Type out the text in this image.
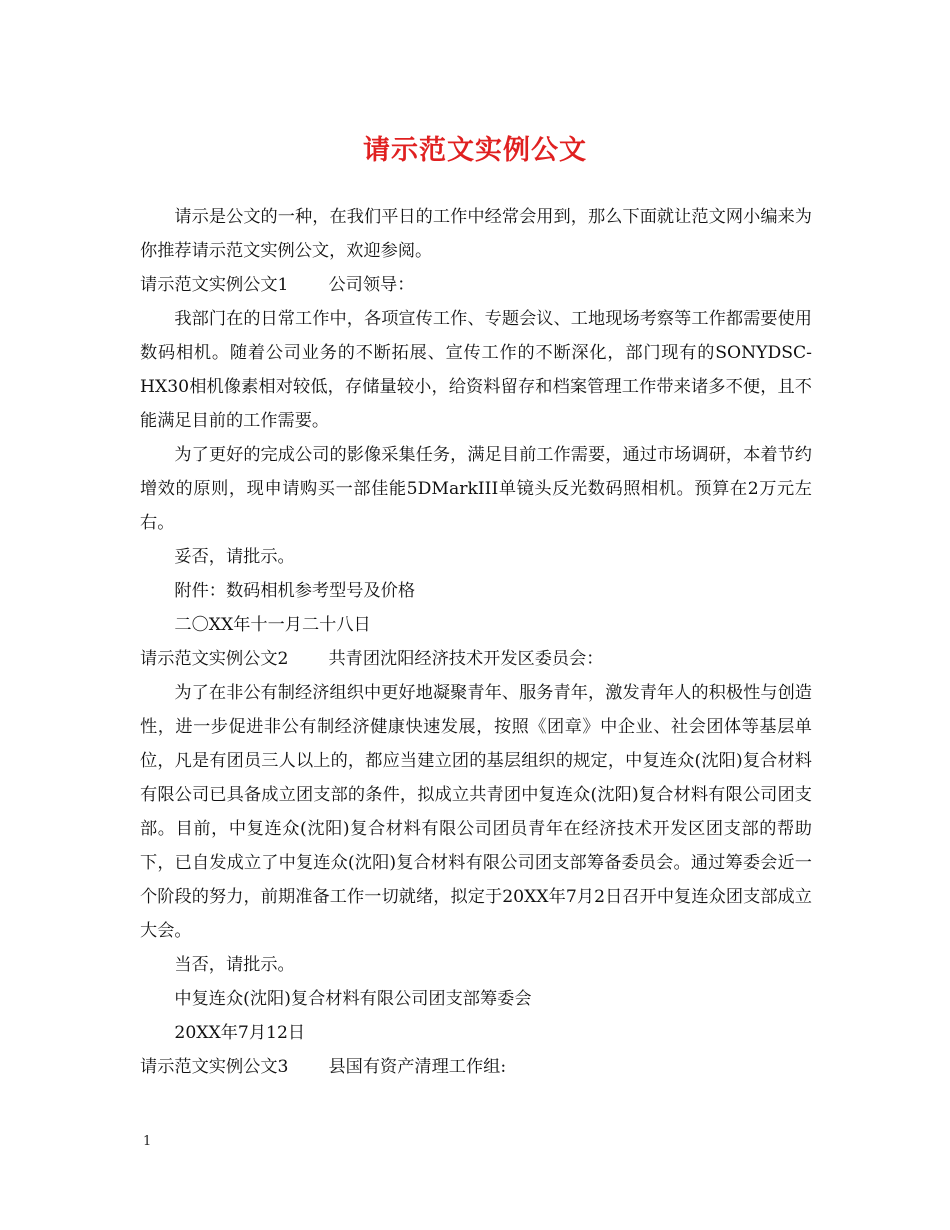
请示范文实例公文

请示是公文的一种，在我们平日的工作中经常会用到，那么下面就让范文网小编来为你推荐请示范文实例公文，欢迎参阅。

请示范文实例公文1 公司领导：

我部门在的日常工作中，各项宣传工作、专题会议、工地现场考察等工作都需要使用数码相机。随着公司业务的不断拓展、宣传工作的不断深化，部门现有的SONYDSC-HX30相机像素相对较低，存储量较小，给资料留存和档案管理工作带来诸多不便，且不能满足目前的工作需要。

为了更好的完成公司的影像采集任务，满足目前工作需要，通过市场调研，本着节约增效的原则，现申请购买一部佳能5DMarkIII单镜头反光数码照相机。预算在2万元左右。

妥否，请批示。

附件：数码相机参考型号及价格

二〇XX年十一月二十八日

请示范文实例公文2 共青团沈阳经济技术开发区委员会：

为了在非公有制经济组织中更好地凝聚青年、服务青年，激发青年人的积极性与创造性，进一步促进非公有制经济健康快速发展，按照《团章》中企业、社会团体等基层单位，凡是有团员三人以上的，都应当建立团的基层组织的规定，中复连众(沈阳)复合材料有限公司已具备成立团支部的条件，拟成立共青团中复连众(沈阳)复合材料有限公司团支部。目前，中复连众(沈阳)复合材料有限公司团员青年在经济技术开发区团支部的帮助下，已自发成立了中复连众(沈阳)复合材料有限公司团支部筹备委员会。通过筹委会近一个阶段的努力，前期准备工作一切就绪，拟定于20XX年7月2日召开中复连众团支部成立大会。

当否，请批示。

中复连众(沈阳)复合材料有限公司团支部筹委会

20XX年7月12日

请示范文实例公文3 县国有资产清理工作组:

1
